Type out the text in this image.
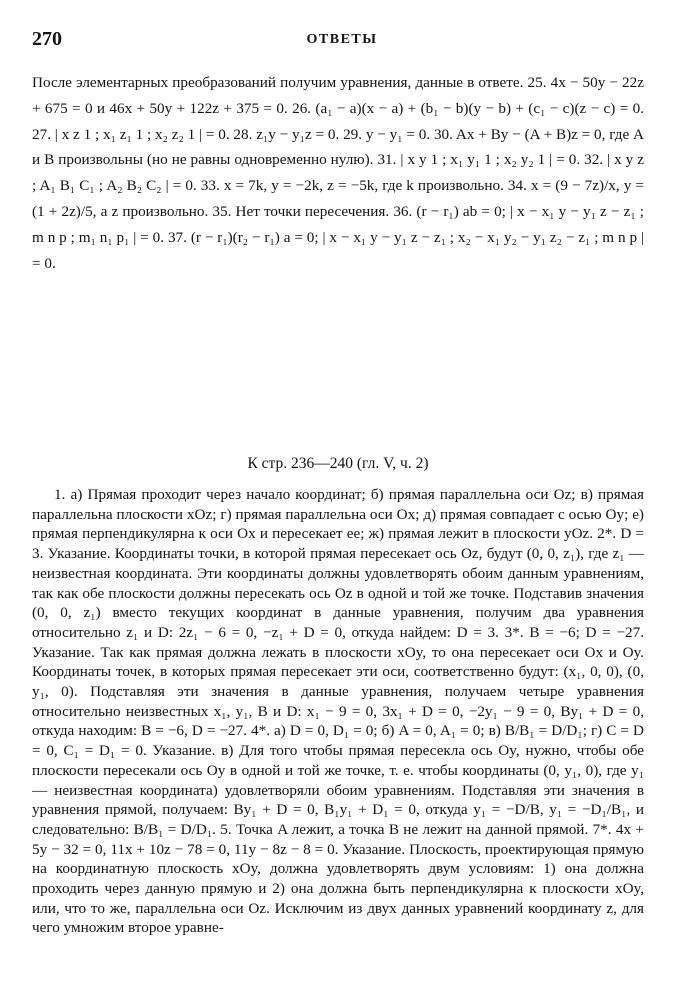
270	ОТВЕТЫ

После элементарных преобразований получим уравнения, данные в ответе. 25. 4x − 50y − 22z + 675 = 0 и 46x + 50y + 122z + 375 = 0. 26. (a₁ − a)(x − a) + (b₁ − b)(y − b) + (c₁ − c)(z − c) = 0. 27. | x z 1 ; x₁ z₁ 1 ; x₂ z₂ 1 | = 0. 28. z₁y − y₁z = 0. 29. y − y₁ = 0. 30. Ax + By − (A + B)z = 0, где A и B произвольны (но не равны одновременно нулю). 31. | x y 1 ; x₁ y₁ 1 ; x₂ y₂ 1 | = 0. 32. | x y z ; A₁ B₁ C₁ ; A₂ B₂ C₂ | = 0. 33. x = 7k, y = −2k, z = −5k, где k произвольно. 34. x = (9 − 7z)/x, y = (1 + 2z)/5, а z произвольно. 35. Нет точки пересечения. 36. (r − r₁) ab = 0; | x − x₁ y − y₁ z − z₁ ; m n p ; m₁ n₁ p₁ | = 0. 37. (r − r₁)(r₂ − r₁) a = 0; | x − x₁ y − y₁ z − z₁ ; x₂ − x₁ y₂ − y₁ z₂ − z₁ ; m n p | = 0.

К стр. 236—240 (гл. V, ч. 2)

1. а) Прямая проходит через начало координат; б) прямая параллельна оси Oz; в) прямая параллельна плоскости xOz; г) прямая параллельна оси Ox; д) прямая совпадает с осью Oy; е) прямая перпендикулярна к оси Ox и пересекает ее; ж) прямая лежит в плоскости yOz. 2*. D = 3. Указание. Координаты точки, в которой прямая пересекает ось Oz, будут (0, 0, z₁), где z₁ — неизвестная координата. Эти координаты должны удовлетворять обоим данным уравнениям, так как обе плоскости должны пересекать ось Oz в одной и той же точке. Подставив значения (0, 0, z₁) вместо текущих координат в данные уравнения, получим два уравнения относительно z₁ и D: 2z₁ − 6 = 0, −z₁ + D = 0, откуда найдем: D = 3. 3*. B = −6; D = −27. Указание. Так как прямая должна лежать в плоскости xOy, то она пересекает оси Ox и Oy. Координаты точек, в которых прямая пересекает эти оси, соответственно будут: (x₁, 0, 0), (0, y₁, 0). Подставляя эти значения в данные уравнения, получаем четыре уравнения относительно неизвестных x₁, y₁, B и D: x₁ − 9 = 0, 3x₁ + D = 0, −2y₁ − 9 = 0, By₁ + D = 0, откуда находим: B = −6, D = −27. 4*. а) D = 0, D₁ = 0; б) A = 0, A₁ = 0; в) B/B₁ = D/D₁; г) C = D = 0, C₁ = D₁ = 0. Указание. в) Для того чтобы прямая пересекла ось Oy, нужно, чтобы обе плоскости пересекали ось Oy в одной и той же точке, т. е. чтобы координаты (0, y₁, 0), где y₁ — неизвестная координата) удовлетворяли обоим уравнениям. Подставляя эти значения в уравнения прямой, получаем: By₁ + D = 0, B₁y₁ + D₁ = 0, откуда y₁ = −D/B, y₁ = −D₁/B₁, и следовательно: B/B₁ = D/D₁. 5. Точка A лежит, а точка B не лежит на данной прямой. 7*. 4x + 5y − 32 = 0, 11x + 10z − 78 = 0, 11y − 8z − 8 = 0. Указание. Плоскость, проектирующая прямую на координатную плоскость xOy, должна удовлетворять двум условиям: 1) она должна проходить через данную прямую и 2) она должна быть перпендикулярна к плоскости xOy, или, что то же, параллельна оси Oz. Исключим из двух данных уравнений координату z, для чего умножим второе уравне-
